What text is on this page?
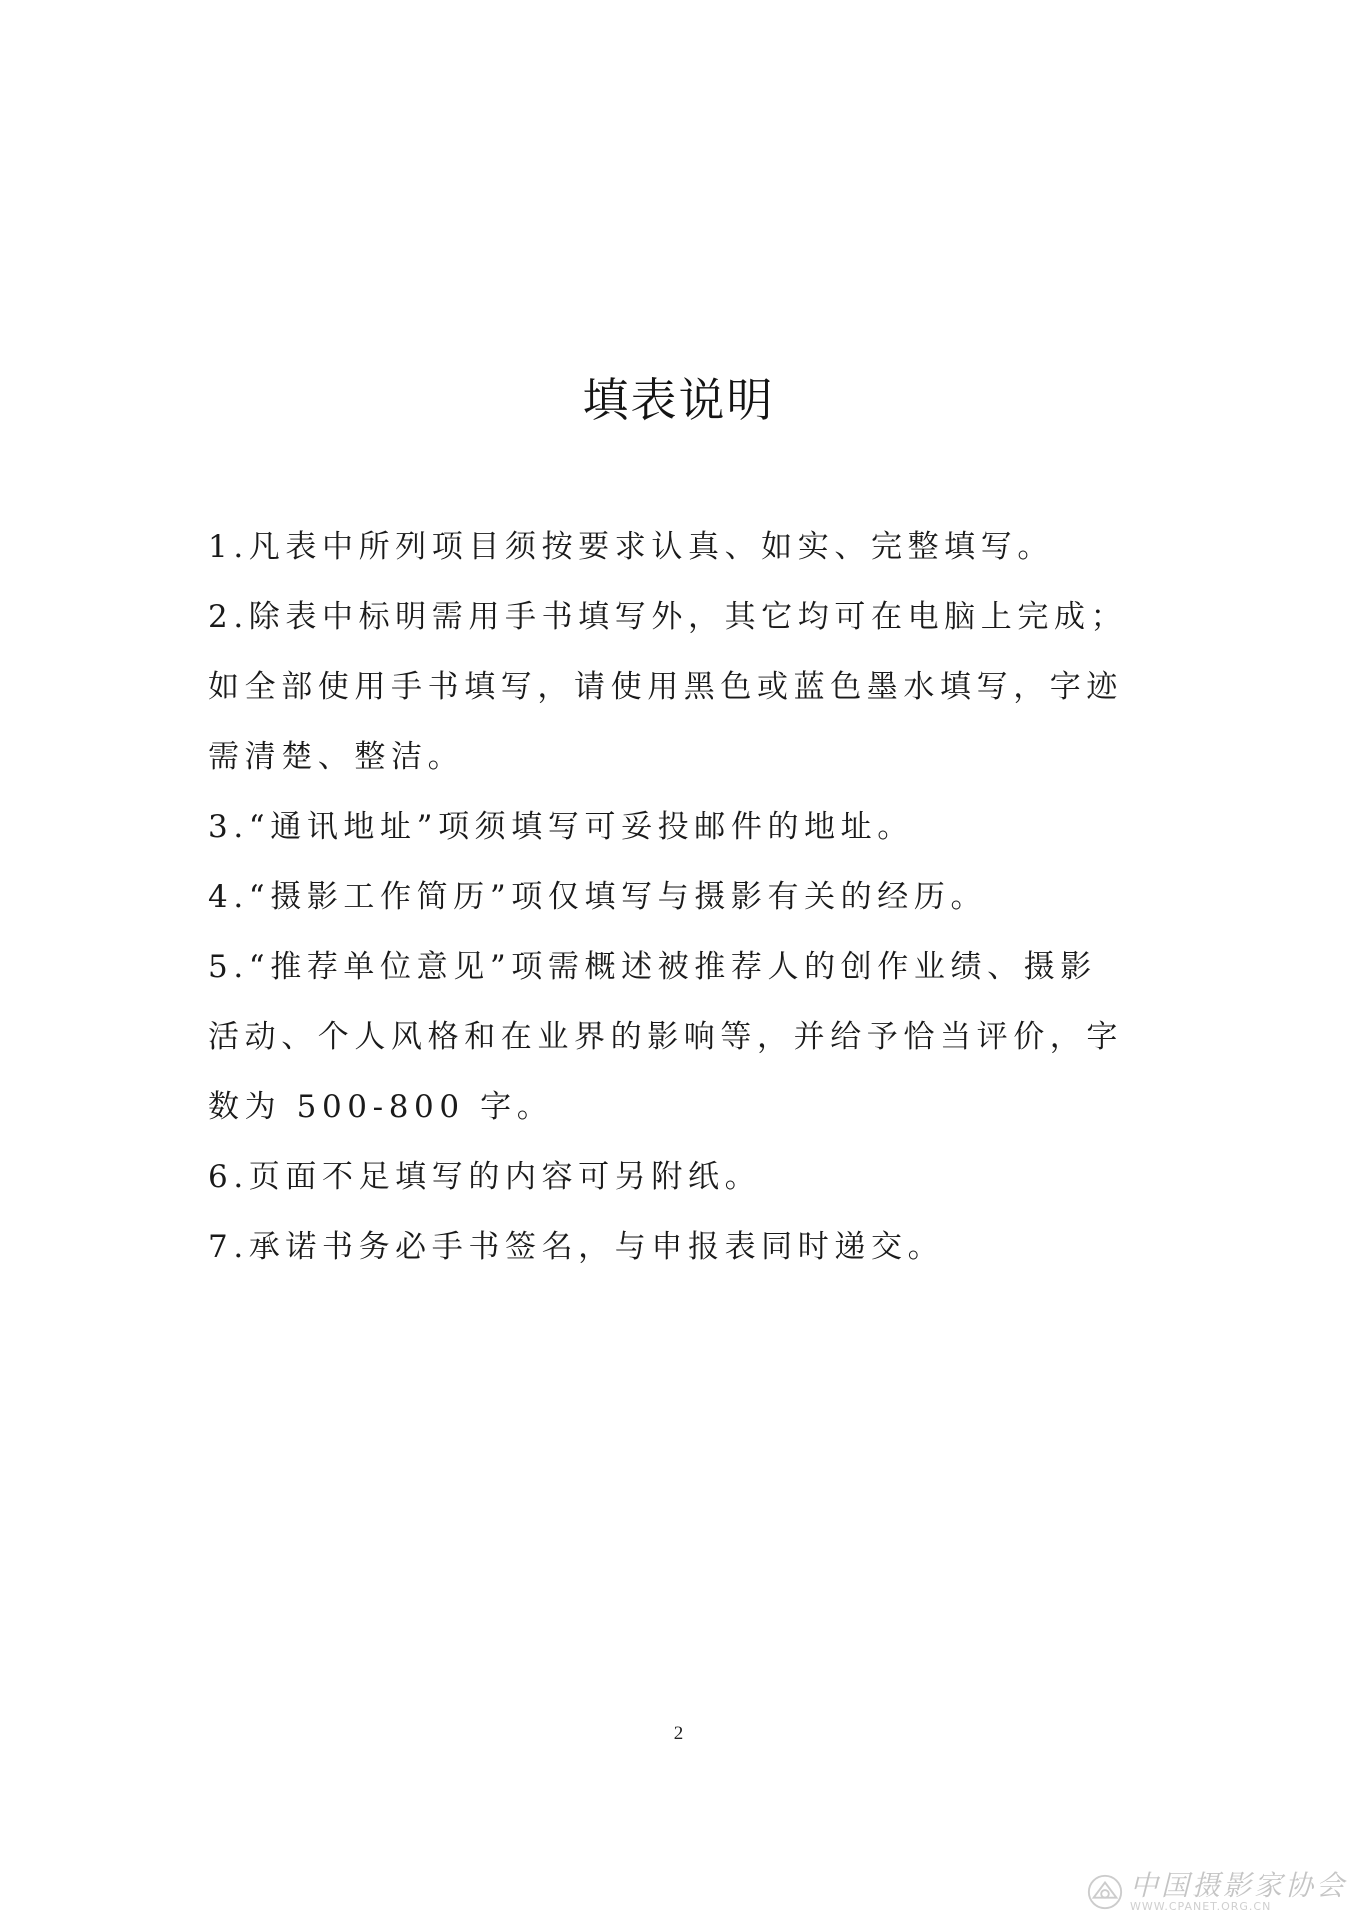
填表说明
1.凡表中所列项目须按要求认真、如实、完整填写。
2.除表中标明需用手书填写外，其它均可在电脑上完成；
如全部使用手书填写，请使用黑色或蓝色墨水填写，字迹
需清楚、整洁。
3.“通讯地址”项须填写可妥投邮件的地址。
4.“摄影工作简历”项仅填写与摄影有关的经历。
5.“推荐单位意见”项需概述被推荐人的创作业绩、摄影
活动、个人风格和在业界的影响等，并给予恰当评价，字
数为 500-800 字。
6.页面不足填写的内容可另附纸。
7.承诺书务必手书签名，与申报表同时递交。
2
中国摄影家协会
WWW.CPANET.ORG.CN
